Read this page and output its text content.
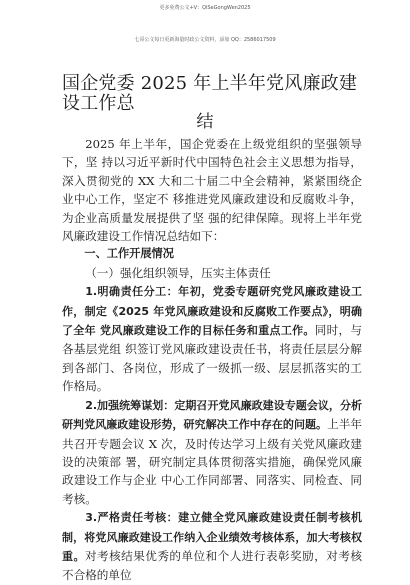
更多免费公文+V：QiSeGongWen2025
七哥公文每日更新海量时政公文资料，添加 QQ：2586017509
国企党委 2025 年上半年党风廉政建设工作总
结

2025 年上半年，国企党委在上级党组织的坚强领导下，坚 持以习近平新时代中国特色社会主义思想为指导，深入贯彻党的 XX 大和二十届二中全会精神，紧紧围绕企业中心工作，坚定不 移推进党风廉政建设和反腐败斗争，为企业高质量发展提供了坚 强的纪律保障。现将上半年党风廉政建设工作情况总结如下：

一、工作开展情况

（一）强化组织领导，压实主体责任

1.明确责任分工：年初，党委专题研究党风廉政建设工作，制定《2025 年党风廉政建设和反腐败工作要点》，明确了全年 党风廉政建设工作的目标任务和重点工作。同时，与各基层党组 织签订党风廉政建设责任书，将责任层层分解到各部门、各岗位，形成了一级抓一级、层层抓落实的工作格局。

2.加强统筹谋划：定期召开党风廉政建设专题会议，分析研判党风廉政建设形势，研究解决工作中存在的问题。上半年共召开专题会议 X 次，及时传达学习上级有关党风廉政建设的决策部 署，研究制定具体贯彻落实措施，确保党风廉政建设工作与企业 中心工作同部署、同落实、同检查、同考核。

3.严格责任考核：建立健全党风廉政建设责任制考核机制，将党风廉政建设工作纳入企业绩效考核体系，加大考核权重。对考核结果优秀的单位和个人进行表彰奖励，对考核不合格的单位
